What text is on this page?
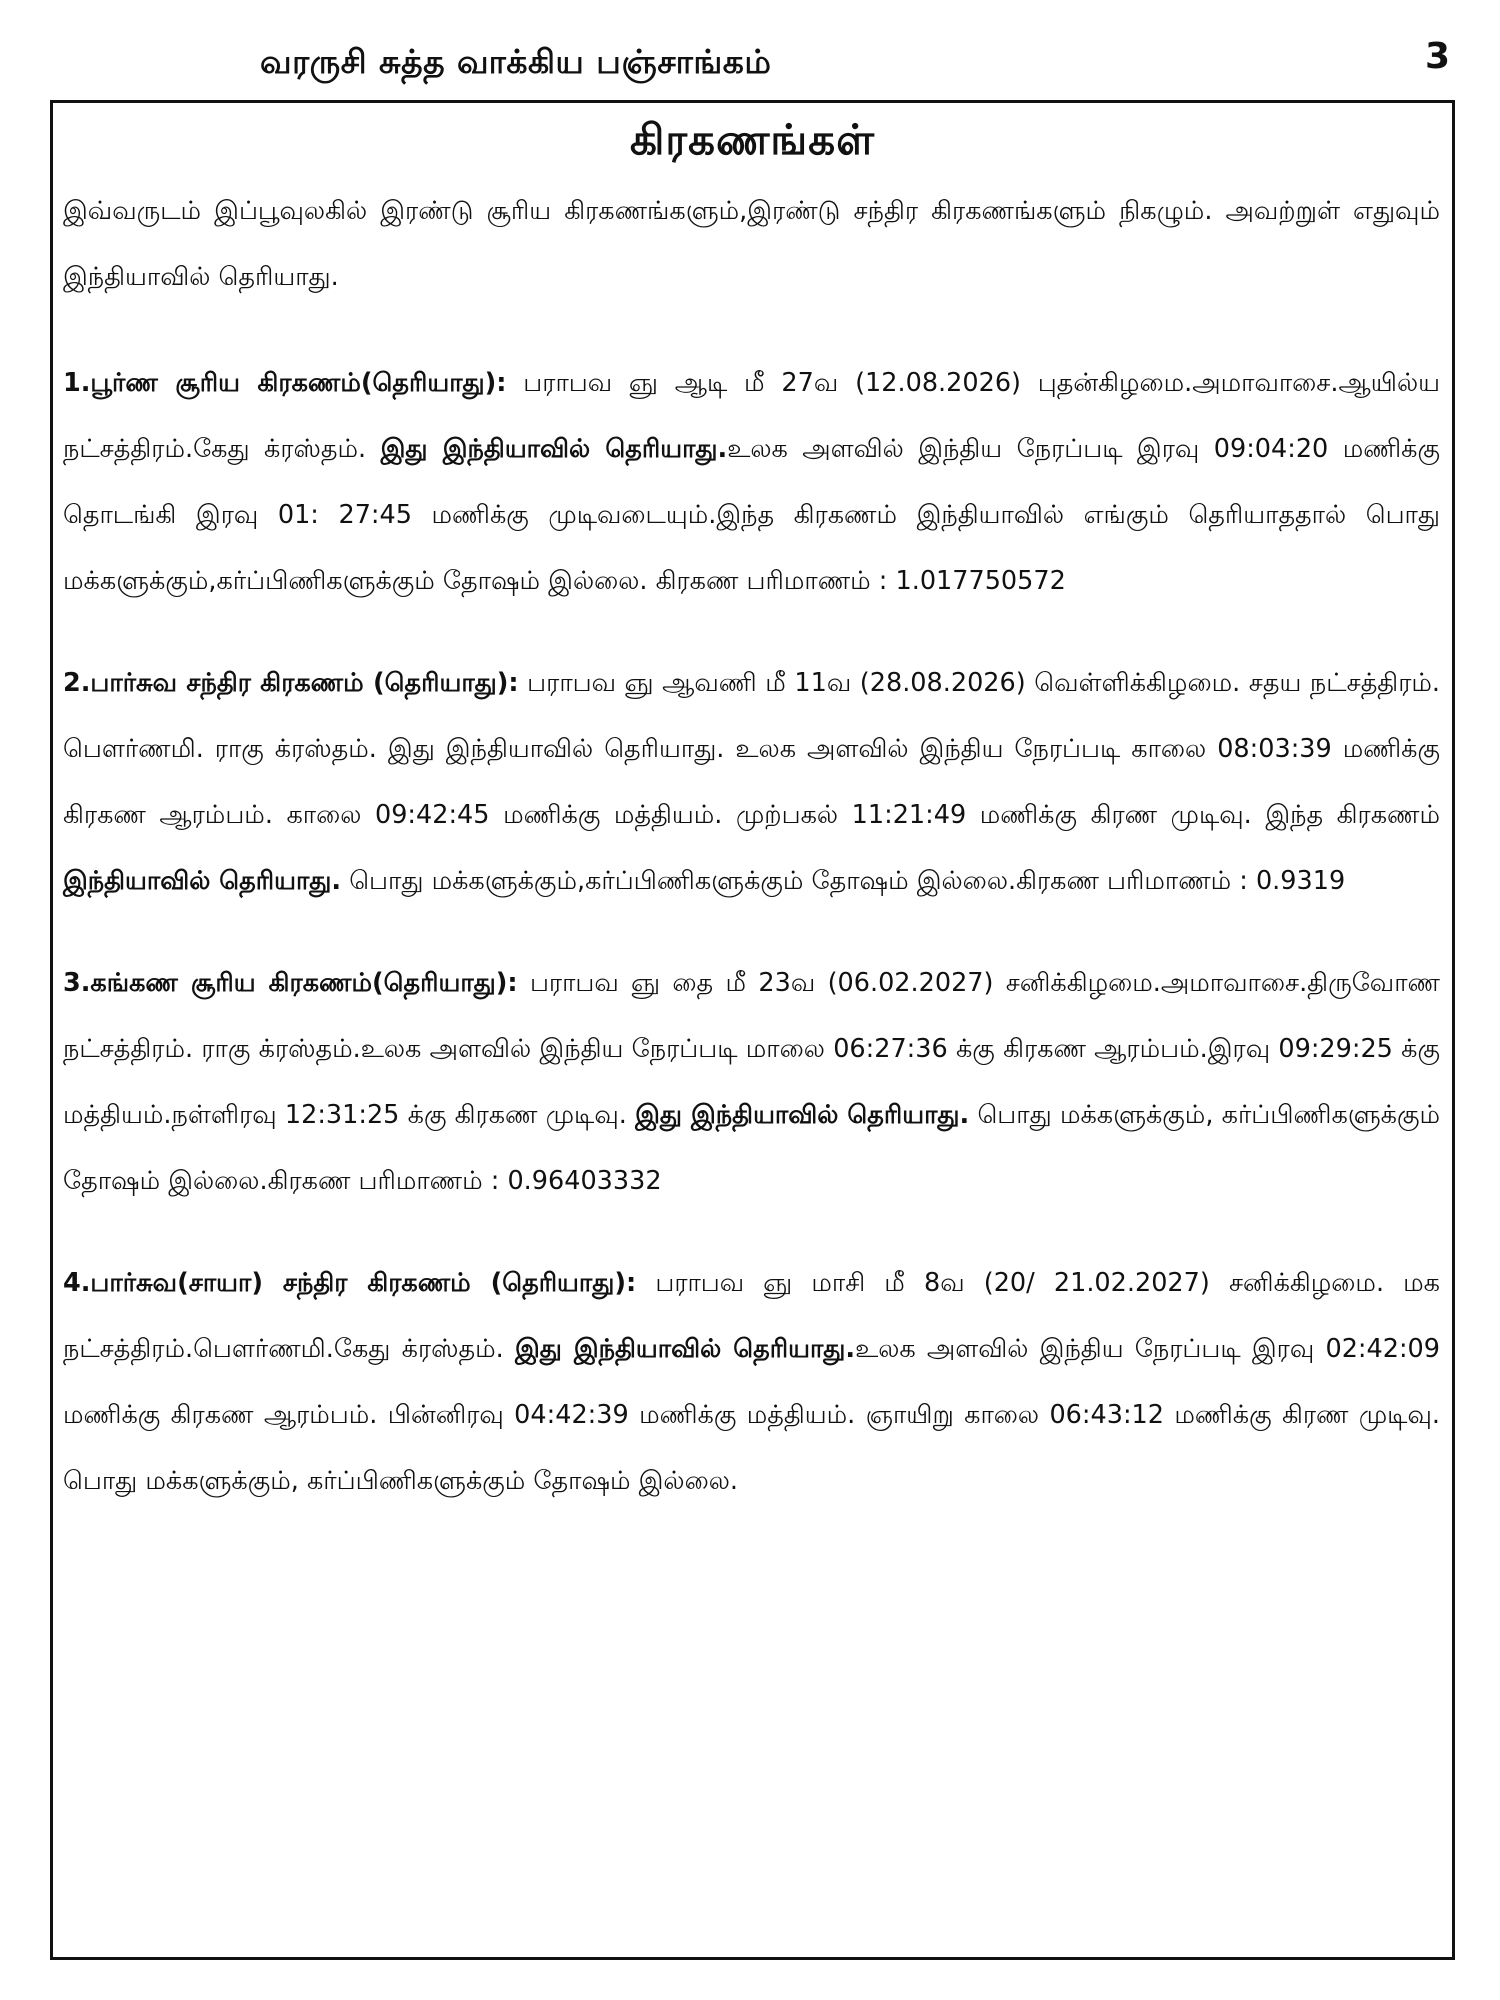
வரருசி சுத்த வாக்கிய பஞ்சாங்கம்	3
கிரகணங்கள்

இவ்வருடம் இப்பூவுலகில் இரண்டு சூரிய கிரகணங்களும்,இரண்டு சந்திர கிரகணங்களும் நிகழும். அவற்றுள் எதுவும் இந்தியாவில் தெரியாது.

1.பூர்ண சூரிய கிரகணம்(தெரியாது): பராபவ ஞு ஆடி மீ 27வ (12.08.2026) புதன்கிழமை.அமாவாசை.ஆயில்ய நட்சத்திரம்.கேது க்ரஸ்தம். இது இந்தியாவில் தெரியாது.உலக அளவில் இந்திய நேரப்படி இரவு 09:04:20 மணிக்கு தொடங்கி இரவு 01: 27:45 மணிக்கு முடிவடையும்.இந்த கிரகணம் இந்தியாவில் எங்கும் தெரியாததால் பொது மக்களுக்கும்,கர்ப்பிணிகளுக்கும் தோஷம் இல்லை. கிரகண பரிமாணம் : 1.017750572

2.பார்சுவ சந்திர கிரகணம் (தெரியாது): பராபவ ஞு ஆவணி மீ 11வ (28.08.2026) வெள்ளிக்கிழமை. சதய நட்சத்திரம். பௌர்ணமி. ராகு க்ரஸ்தம். இது இந்தியாவில் தெரியாது. உலக அளவில் இந்திய நேரப்படி காலை 08:03:39 மணிக்கு கிரகண ஆரம்பம். காலை 09:42:45 மணிக்கு மத்தியம். முற்பகல் 11:21:49 மணிக்கு கிரண முடிவு. இந்த கிரகணம் இந்தியாவில் தெரியாது. பொது மக்களுக்கும்,கர்ப்பிணிகளுக்கும் தோஷம் இல்லை.கிரகண பரிமாணம் : 0.9319

3.கங்கண சூரிய கிரகணம்(தெரியாது): பராபவ ஞு தை மீ 23வ (06.02.2027) சனிக்கிழமை.அமாவாசை.திருவோண நட்சத்திரம். ராகு க்ரஸ்தம்.உலக அளவில் இந்திய நேரப்படி மாலை 06:27:36 க்கு கிரகண ஆரம்பம்.இரவு 09:29:25 க்கு மத்தியம்.நள்ளிரவு 12:31:25 க்கு கிரகண முடிவு. இது இந்தியாவில் தெரியாது. பொது மக்களுக்கும், கர்ப்பிணிகளுக்கும் தோஷம் இல்லை.கிரகண பரிமாணம் : 0.96403332

4.பார்சுவ(சாயா) சந்திர கிரகணம் (தெரியாது): பராபவ ஞு மாசி மீ 8வ (20/ 21.02.2027) சனிக்கிழமை. மக நட்சத்திரம்.பௌர்ணமி.கேது க்ரஸ்தம். இது இந்தியாவில் தெரியாது.உலக அளவில் இந்திய நேரப்படி இரவு 02:42:09 மணிக்கு கிரகண ஆரம்பம். பின்னிரவு 04:42:39 மணிக்கு மத்தியம். ஞாயிறு காலை 06:43:12 மணிக்கு கிரண முடிவு. பொது மக்களுக்கும், கர்ப்பிணிகளுக்கும் தோஷம் இல்லை.
